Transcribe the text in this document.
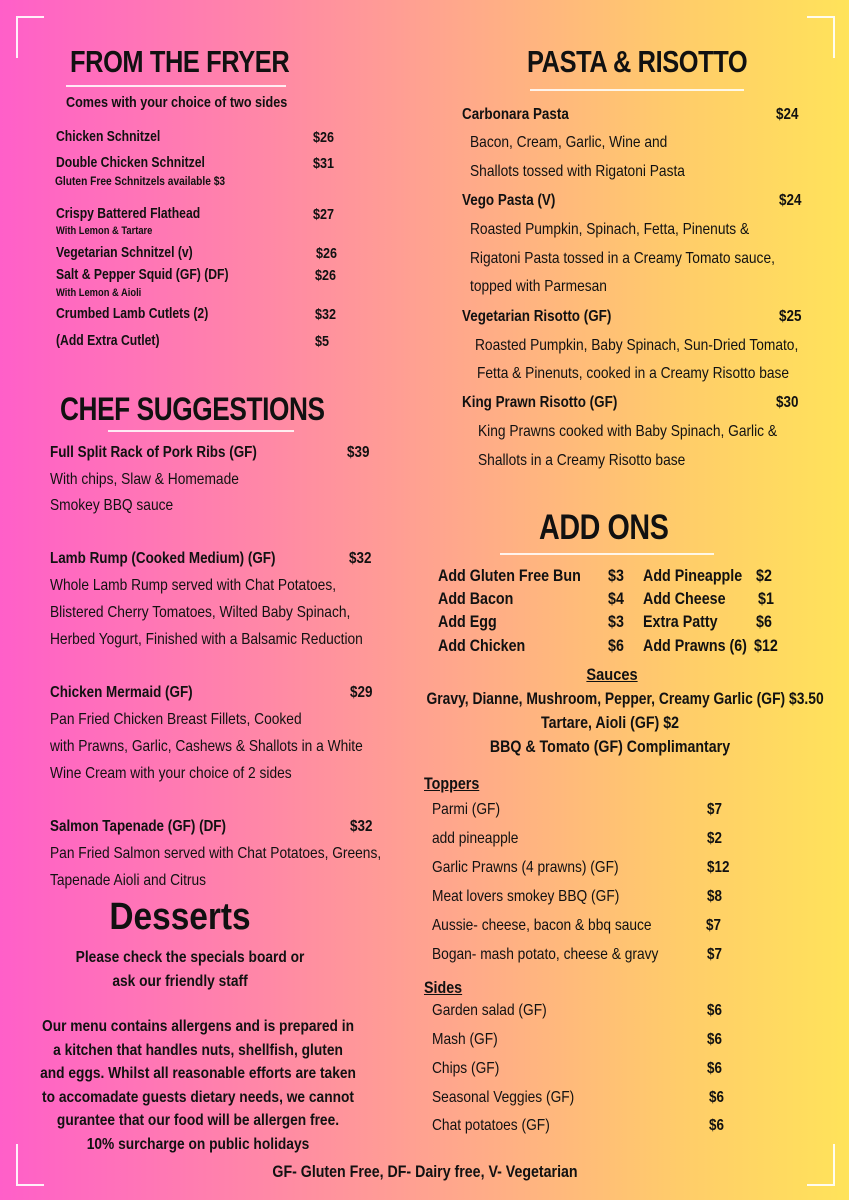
FROM THE FRYER
Comes with your choice of two sides
Chicken Schnitzel	$26
Double Chicken Schnitzel	$31
Gluten Free Schnitzels available $3
Crispy Battered Flathead	$27
With Lemon & Tartare
Vegetarian Schnitzel (v)	$26
Salt & Pepper Squid (GF) (DF)	$26
With Lemon & Aioli
Crumbed Lamb Cutlets (2)	$32
(Add Extra Cutlet)	$5
CHEF SUGGESTIONS
Full Split Rack of Pork Ribs (GF)	$39
With chips, Slaw & Homemade
Smokey BBQ sauce
Lamb Rump (Cooked Medium) (GF)	$32
Whole Lamb Rump served with Chat Potatoes,
Blistered Cherry Tomatoes, Wilted Baby Spinach,
Herbed Yogurt, Finished with a Balsamic Reduction
Chicken Mermaid (GF)	$29
Pan Fried Chicken Breast Fillets, Cooked
with Prawns, Garlic, Cashews & Shallots in a White
Wine Cream with your choice of 2 sides
Salmon Tapenade (GF) (DF)	$32
Pan Fried Salmon served with Chat Potatoes, Greens,
Tapenade Aioli and Citrus
Desserts
Please check the specials board or
ask our friendly staff
Our menu contains allergens and is prepared in
a kitchen that handles nuts, shellfish, gluten
and eggs. Whilst all reasonable efforts are taken
to accomadate guests dietary needs, we cannot
gurantee that our food will be allergen free.
10% surcharge on public holidays
PASTA & RISOTTO
Carbonara Pasta	$24
Bacon, Cream, Garlic, Wine and
Shallots tossed with Rigatoni Pasta
Vego Pasta (V)	$24
Roasted Pumpkin, Spinach, Fetta, Pinenuts &
Rigatoni Pasta tossed in a Creamy Tomato sauce,
topped with Parmesan
Vegetarian Risotto (GF)	$25
Roasted Pumpkin, Baby Spinach, Sun-Dried Tomato,
Fetta & Pinenuts, cooked in a Creamy Risotto base
King Prawn Risotto (GF)	$30
King Prawns cooked with Baby Spinach, Garlic &
Shallots in a Creamy Risotto base
ADD ONS
Add Gluten Free Bun $3 Add Pineapple $2
Add Bacon	$4 Add Cheese $1
Add Egg	$3 Extra Patty $6
Add Chicken	$6 Add Prawns (6) $12
Sauces
Gravy, Dianne, Mushroom, Pepper, Creamy Garlic (GF) $3.50
Tartare, Aioli (GF) $2
BBQ & Tomato (GF) Complimantary
Toppers
Parmi (GF)	$7
add pineapple	$2
Garlic Prawns (4 prawns) (GF)	$12
Meat lovers smokey BBQ (GF)	$8
Aussie- cheese, bacon & bbq sauce	$7
Bogan- mash potato, cheese & gravy	$7
Sides
Garden salad (GF)	$6
Mash (GF)	$6
Chips (GF)	$6
Seasonal Veggies (GF)	$6
Chat potatoes (GF)	$6
GF- Gluten Free, DF- Dairy free, V- Vegetarian
